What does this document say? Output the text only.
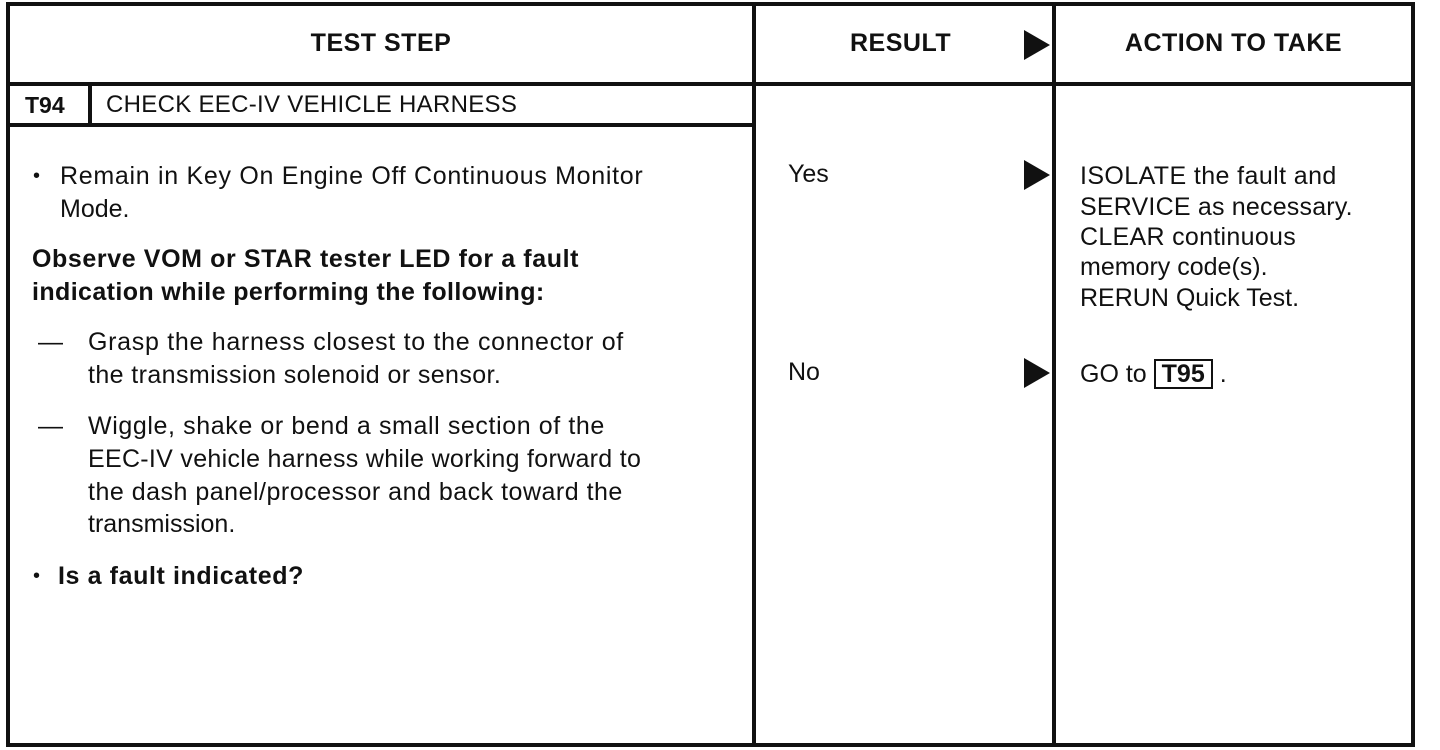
TEST STEP	RESULT	ACTION TO TAKE
T94 CHECK EEC-IV VEHICLE HARNESS
• Remain in Key On Engine Off Continuous Monitor
Mode.
Observe VOM or STAR tester LED for a fault
indication while performing the following:
— Grasp the harness closest to the connector of
the transmission solenoid or sensor.
— Wiggle, shake or bend a small section of the
EEC-IV vehicle harness while working forward to
the dash panel/processor and back toward the
transmission.
• Is a fault indicated?
Yes
No
ISOLATE the fault and
SERVICE as necessary.
CLEAR continuous
memory code(s).
RERUN Quick Test.
GO to T95 .
